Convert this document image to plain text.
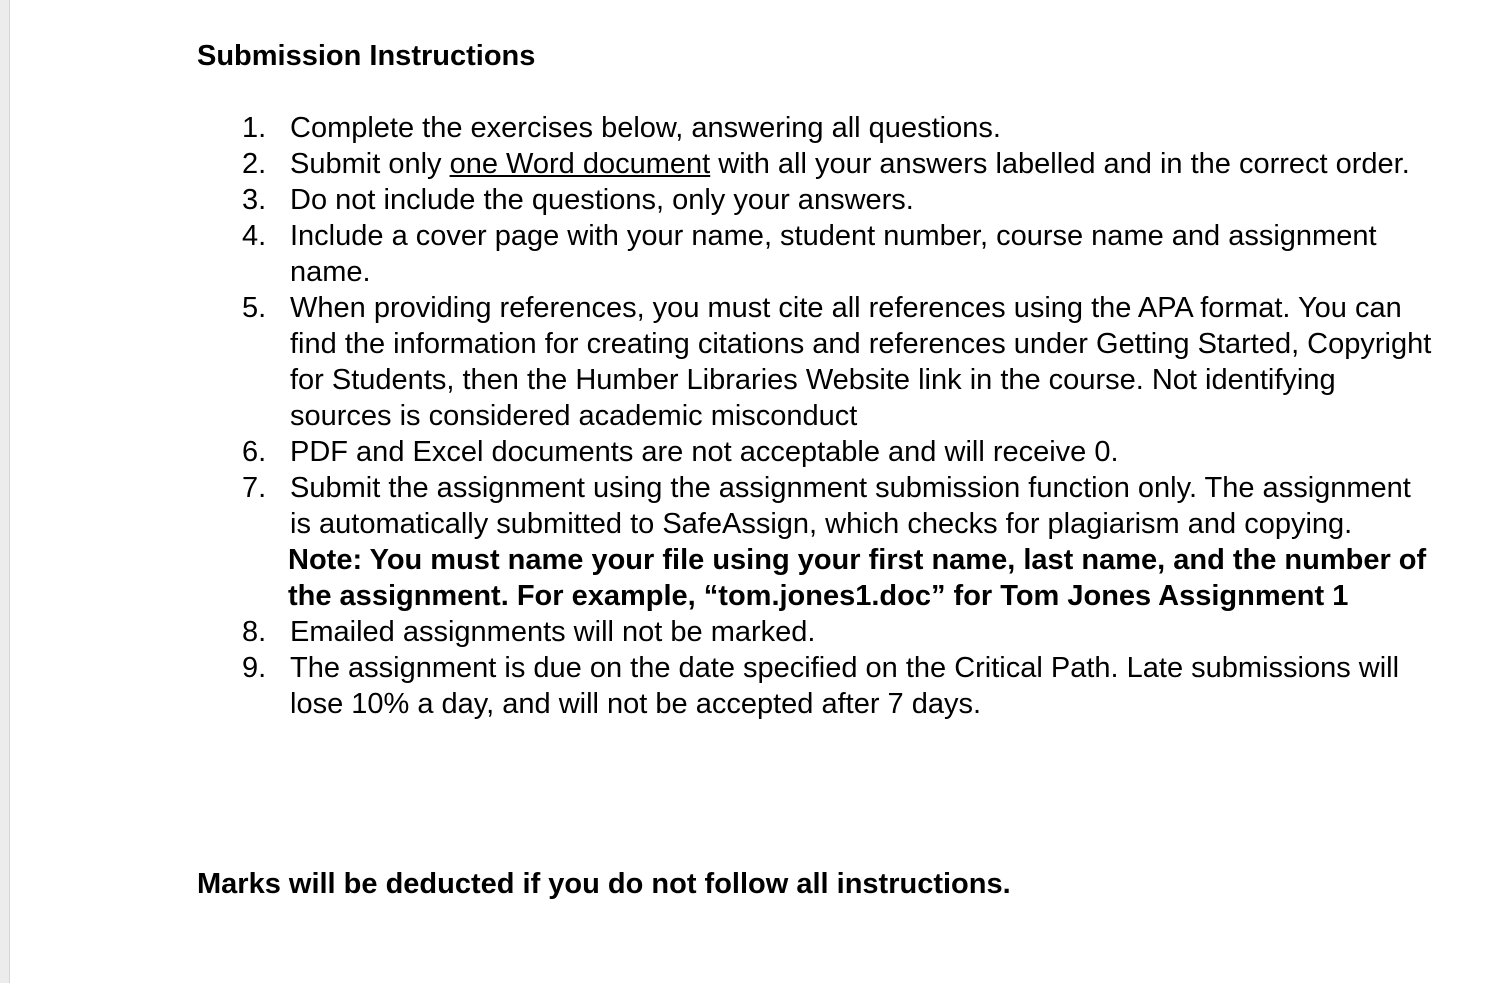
Submission Instructions

1. Complete the exercises below, answering all questions.
2. Submit only one Word document with all your answers labelled and in the correct order.
3. Do not include the questions, only your answers.
4. Include a cover page with your name, student number, course name and assignment name.
5. When providing references, you must cite all references using the APA format. You can find the information for creating citations and references under Getting Started, Copyright for Students, then the Humber Libraries Website link in the course. Not identifying sources is considered academic misconduct
6. PDF and Excel documents are not acceptable and will receive 0.
7. Submit the assignment using the assignment submission function only. The assignment is automatically submitted to SafeAssign, which checks for plagiarism and copying.
Note: You must name your file using your first name, last name, and the number of the assignment. For example, “tom.jones1.doc” for Tom Jones Assignment 1
8. Emailed assignments will not be marked.
9. The assignment is due on the date specified on the Critical Path. Late submissions will lose 10% a day, and will not be accepted after 7 days.

Marks will be deducted if you do not follow all instructions.
